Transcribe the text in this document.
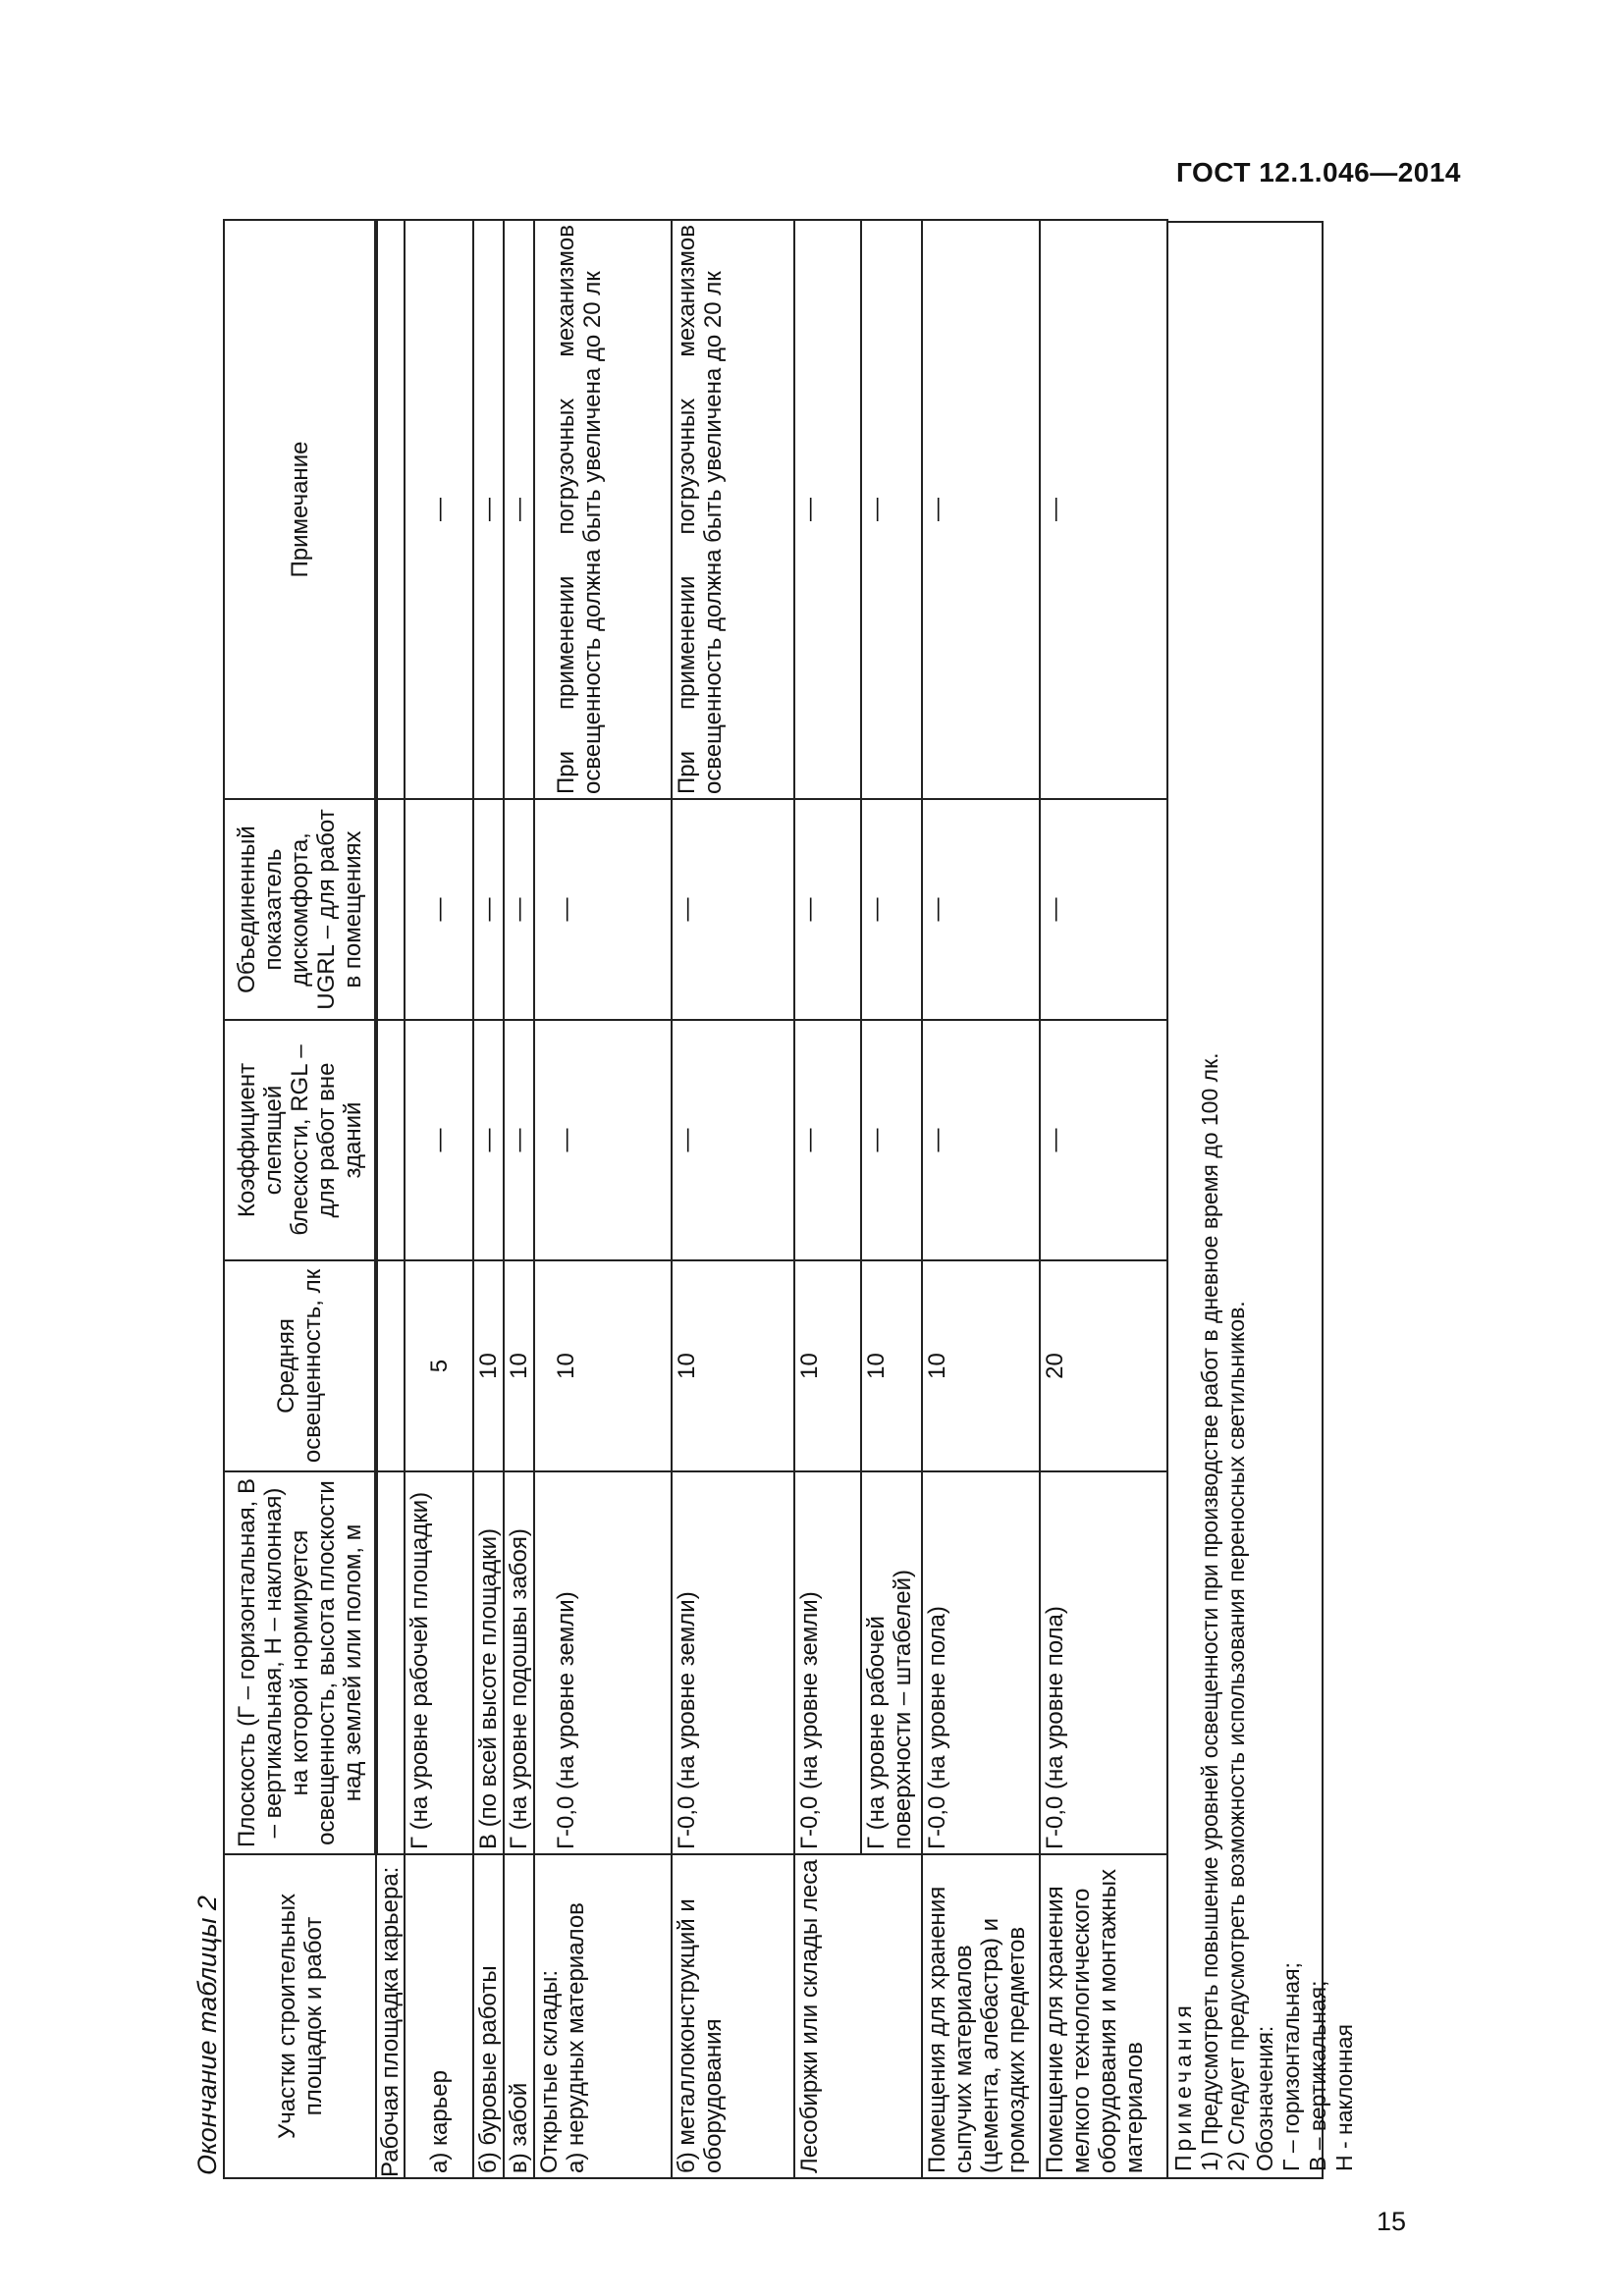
ГОСТ 12.1.046—2014
Окончание таблицы 2 Участки строительных площадок и работ	Плоскость (Г – горизонтальная, В – вертикальная, Н – наклонная) на которой нормируется освещенность, высота плоскости над землей или полом, м	Средняя освещенность, лк	Коэффициент слепящей блескости, RGL – для работ вне зданий	Объединенный показатель дискомфорта, UGRL – для работ в помещениях	Примечание
Рабочая площадка карьера:					

а) карьер	Г (на уровне рабочей площадки)	5	—	—	—
б) буровые работы	В (по всей высоте площадки)	10	—	—	—
в) забой	Г (на уровне подошвы забоя)	10	—	—	—
Открытые склады:
а) нерудных материалов	Г-0,0 (на уровне земли)	10	—	—	При применении погрузочных механизмов освещенность должна быть увеличена до 20 лк
б) металлоконструкций и оборудования	Г-0,0 (на уровне земли)	10	—	—	При применении погрузочных механизмов освещенность должна быть увеличена до 20 лк
Лесобиржи или склады леса	Г-0,0 (на уровне земли)	10	—	—	—
	Г (на уровне рабочей поверхности – штабелей)	10	—	—	—
Помещения для хранения сыпучих материалов (цемента, алебастра) и громоздких предметов	Г-0,0 (на уровне пола)	10	—	—	—
Помещение для хранения мелкого технологического оборудования и монтажных материалов	Г-0,0 (на уровне пола)	20	—	—	—
Примечания 1) Предусмотреть повышение уровней освещенности при производстве работ в дневное время до 100 лк. 2) Следует предусмотреть возможность использования переносных светильников. Обозначения: Г – горизонтальная; В – вертикальная; Н - наклонная
15
